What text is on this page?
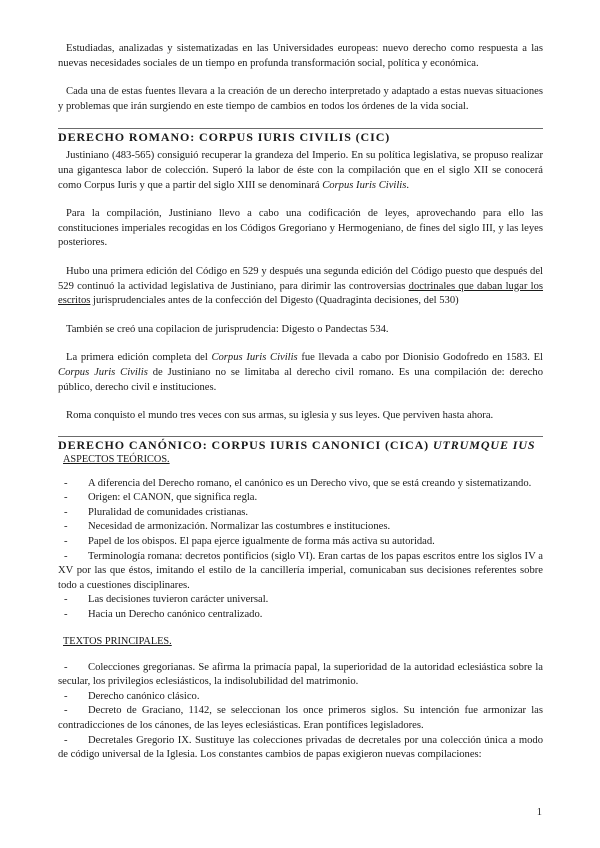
Estudiadas, analizadas y sistematizadas en las Universidades europeas: nuevo derecho como respuesta a las nuevas necesidades sociales de un tiempo en profunda transformación social, política y económica.

Cada una de estas fuentes llevara a la creación de un derecho interpretado y adaptado a estas nuevas situaciones y problemas que irán surgiendo en este tiempo de cambios en todos los órdenes de la vida social.

DERECHO ROMANO: CORPUS IURIS CIVILIS (CIC)

Justiniano (483-565) consiguió recuperar la grandeza del Imperio. En su política legislativa, se propuso realizar una gigantesca labor de colección. Superó la labor de éste con la compilación que en el siglo XII se conocerá como Corpus Iuris y que a partir del siglo XIII se denominará Corpus Iuris Civilis.

Para la compilación, Justiniano llevo a cabo una codificación de leyes, aprovechando para ello las constituciones imperiales recogidas en los Códigos Gregoriano y Hermogeniano, de fines del siglo III, y las leyes posteriores.

Hubo una primera edición del Código en 529 y después una segunda edición del Código puesto que después del 529 continuó la actividad legislativa de Justiniano, para dirimir las controversias doctrinales que daban lugar los escritos jurisprudenciales antes de la confección del Digesto (Quadraginta decisiones, del 530)

También se creó una copilacion de jurisprudencia: Digesto o Pandectas 534.

La primera edición completa del Corpus Iuris Civilis fue llevada a cabo por Dionisio Godofredo en 1583. El Corpus Juris Civilis de Justiniano no se limitaba al derecho civil romano. Es una compilación de: derecho público, derecho civil e instituciones.

Roma conquisto el mundo tres veces con sus armas, su iglesia y sus leyes. Que perviven hasta ahora.

DERECHO CANÓNICO: CORPUS IURIS CANONICI (CICA) UTRUMQUE IUS
ASPECTOS TEÓRICOS.

- A diferencia del Derecho romano, el canónico es un Derecho vivo, que se está creando y sistematizando.

- Origen: el CANON, que significa regla.

- Pluralidad de comunidades cristianas.

- Necesidad de armonización. Normalizar las costumbres e instituciones.

- Papel de los obispos. El papa ejerce igualmente de forma más activa su autoridad.

- Terminología romana: decretos pontificios (siglo VI). Eran cartas de los papas escritos entre los siglos IV a XV por las que éstos, imitando el estilo de la cancillería imperial, comunicaban sus decisiones referentes sobre todo a cuestiones disciplinares.

- Las decisiones tuvieron carácter universal.

- Hacia un Derecho canónico centralizado.

TEXTOS PRINCIPALES.

- Colecciones gregorianas. Se afirma la primacía papal, la superioridad de la autoridad eclesiástica sobre la secular, los privilegios eclesiásticos, la indisolubilidad del matrimonio.

- Derecho canónico clásico.

- Decreto de Graciano, 1142, se seleccionan los once primeros siglos. Su intención fue armonizar las contradicciones de los cánones, de las leyes eclesiásticas. Eran pontífices legisladores.

- Decretales Gregorio IX. Sustituye las colecciones privadas de decretales por una colección única a modo de código universal de la Iglesia. Los constantes cambios de papas exigieron nuevas compilaciones:

1
